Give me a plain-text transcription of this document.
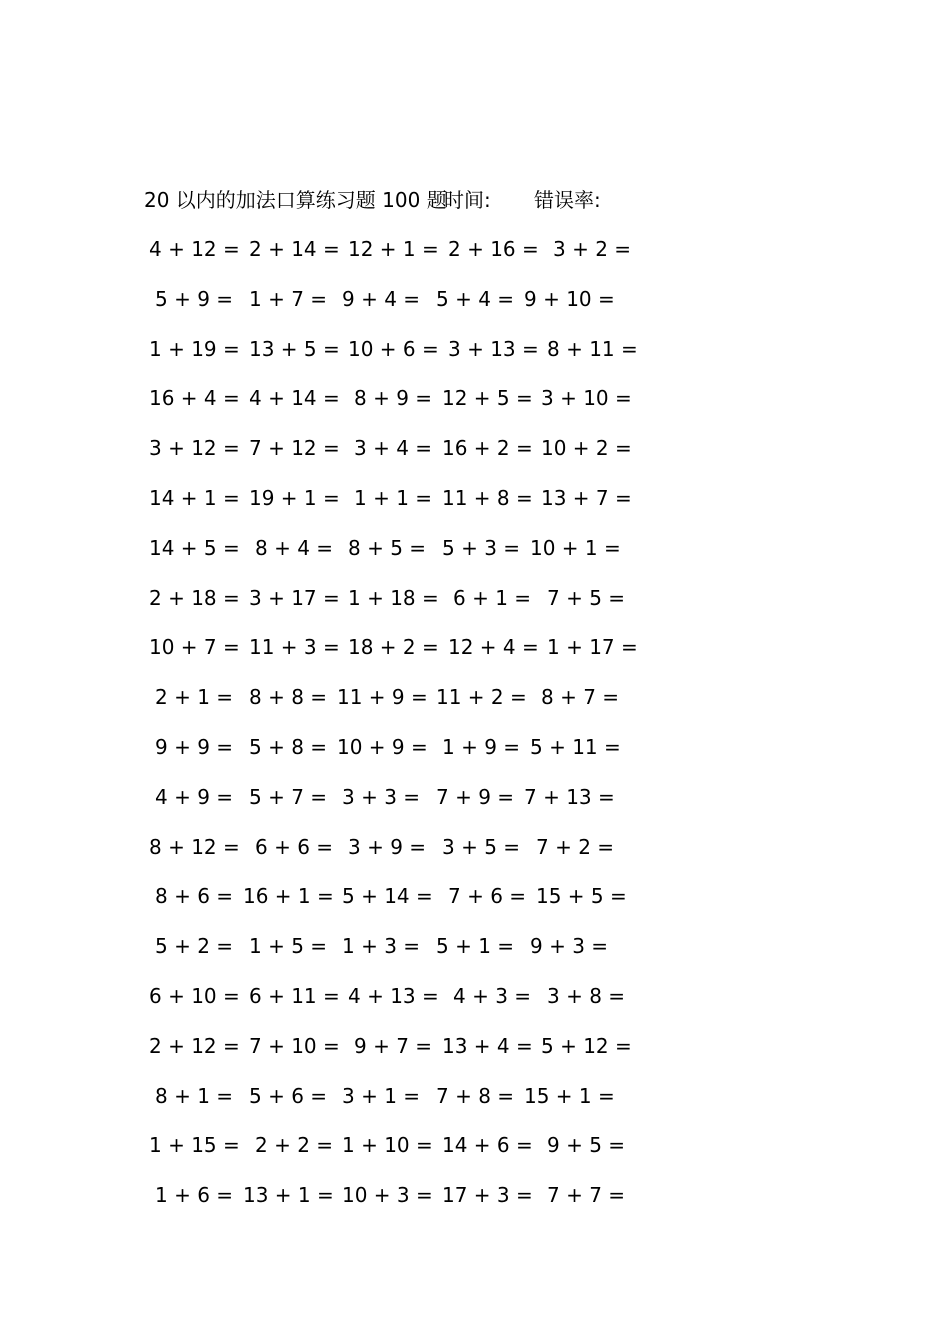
20 以内的加法口算练习题 100 题
时间: 错误率:
4 + 12 = 2 + 14 = 12 + 1 = 2 + 16 = 3 + 2 =
5 + 9 = 1 + 7 = 9 + 4 = 5 + 4 = 9 + 10 =
1 + 19 = 13 + 5 = 10 + 6 = 3 + 13 = 8 + 11 =
16 + 4 = 4 + 14 = 8 + 9 = 12 + 5 = 3 + 10 =
3 + 12 = 7 + 12 = 3 + 4 = 16 + 2 = 10 + 2 =
14 + 1 = 19 + 1 = 1 + 1 = 11 + 8 = 13 + 7 =
14 + 5 = 8 + 4 = 8 + 5 = 5 + 3 = 10 + 1 =
2 + 18 = 3 + 17 = 1 + 18 = 6 + 1 = 7 + 5 =
10 + 7 = 11 + 3 = 18 + 2 = 12 + 4 = 1 + 17 =
2 + 1 = 8 + 8 = 11 + 9 = 11 + 2 = 8 + 7 =
9 + 9 = 5 + 8 = 10 + 9 = 1 + 9 = 5 + 11 =
4 + 9 = 5 + 7 = 3 + 3 = 7 + 9 = 7 + 13 =
8 + 12 = 6 + 6 = 3 + 9 = 3 + 5 = 7 + 2 =
8 + 6 = 16 + 1 = 5 + 14 = 7 + 6 = 15 + 5 =
5 + 2 = 1 + 5 = 1 + 3 = 5 + 1 = 9 + 3 =
6 + 10 = 6 + 11 = 4 + 13 = 4 + 3 = 3 + 8 =
2 + 12 = 7 + 10 = 9 + 7 = 13 + 4 = 5 + 12 =
8 + 1 = 5 + 6 = 3 + 1 = 7 + 8 = 15 + 1 =
1 + 15 = 2 + 2 = 1 + 10 = 14 + 6 = 9 + 5 =
1 + 6 = 13 + 1 = 10 + 3 = 17 + 3 = 7 + 7 =
